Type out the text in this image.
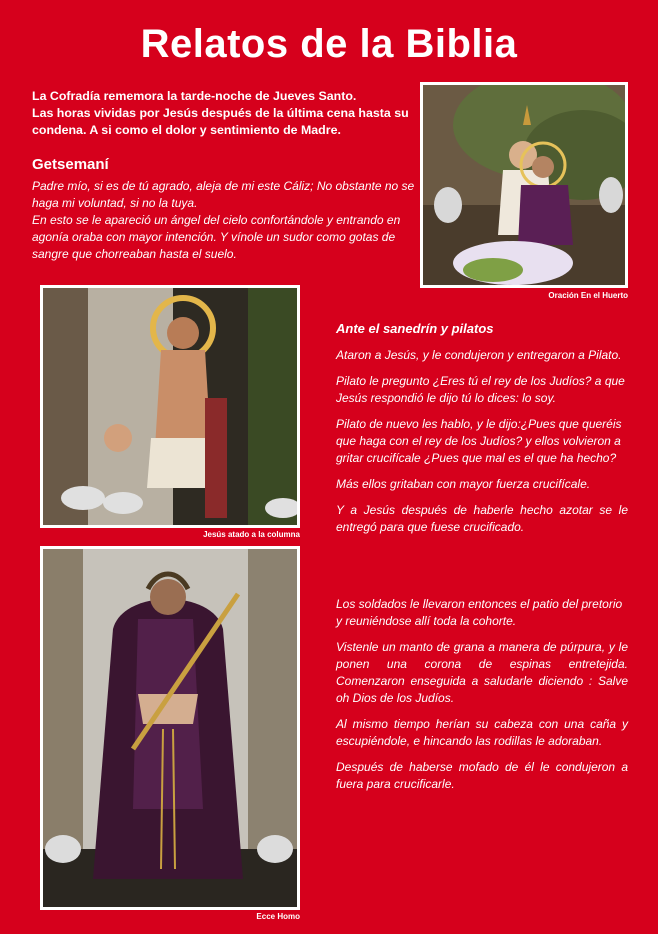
Relatos de la Biblia

La Cofradía rememora la tarde-noche de Jueves Santo.

Las horas vividas por Jesús después de la última cena hasta su condena. A si como el dolor y sentimiento de Madre.

Getsemaní

Padre mío, si es de tú agrado, aleja de mi este Cáliz; No obstante no se haga mi voluntad, si no la tuya.

En esto se le apareció un ángel del cielo confortándole y entrando en agonía oraba con mayor intención. Y vínole un sudor como gotas de sangre que chorreaban hasta el suelo.

Oración En el Huerto
Jesús atado a la columna
Ecce Homo

Ante el sanedrín y pilatos

Ataron a Jesús, y le condujeron y entregaron a Pilato.

Pilato le pregunto ¿Eres tú el rey de los Judíos? a que Jesús respondió le dijo tú lo dices: lo soy.

Pilato de nuevo les hablo, y le dijo:¿Pues que queréis que haga con el rey de los Judíos? y ellos volvieron a gritar crucifícale ¿Pues que mal es el que ha hecho?

Más ellos gritaban con mayor fuerza crucifícale.

Y a Jesús después de haberle hecho azotar se le entregó para que fuese crucificado.

Los soldados le llevaron entonces el patio del pretorio y reuniéndose allí toda la cohorte.

Vistenle un manto de grana a manera de púrpura, y le ponen una corona de espinas entretejida. Comenzaron enseguida a saludarle diciendo : Salve oh Dios de los Judíos.

Al mismo tiempo herían su cabeza con una caña y escupiéndole, e hincando las rodillas le adoraban.

Después de haberse mofado de él le condujeron a fuera para crucificarle.
